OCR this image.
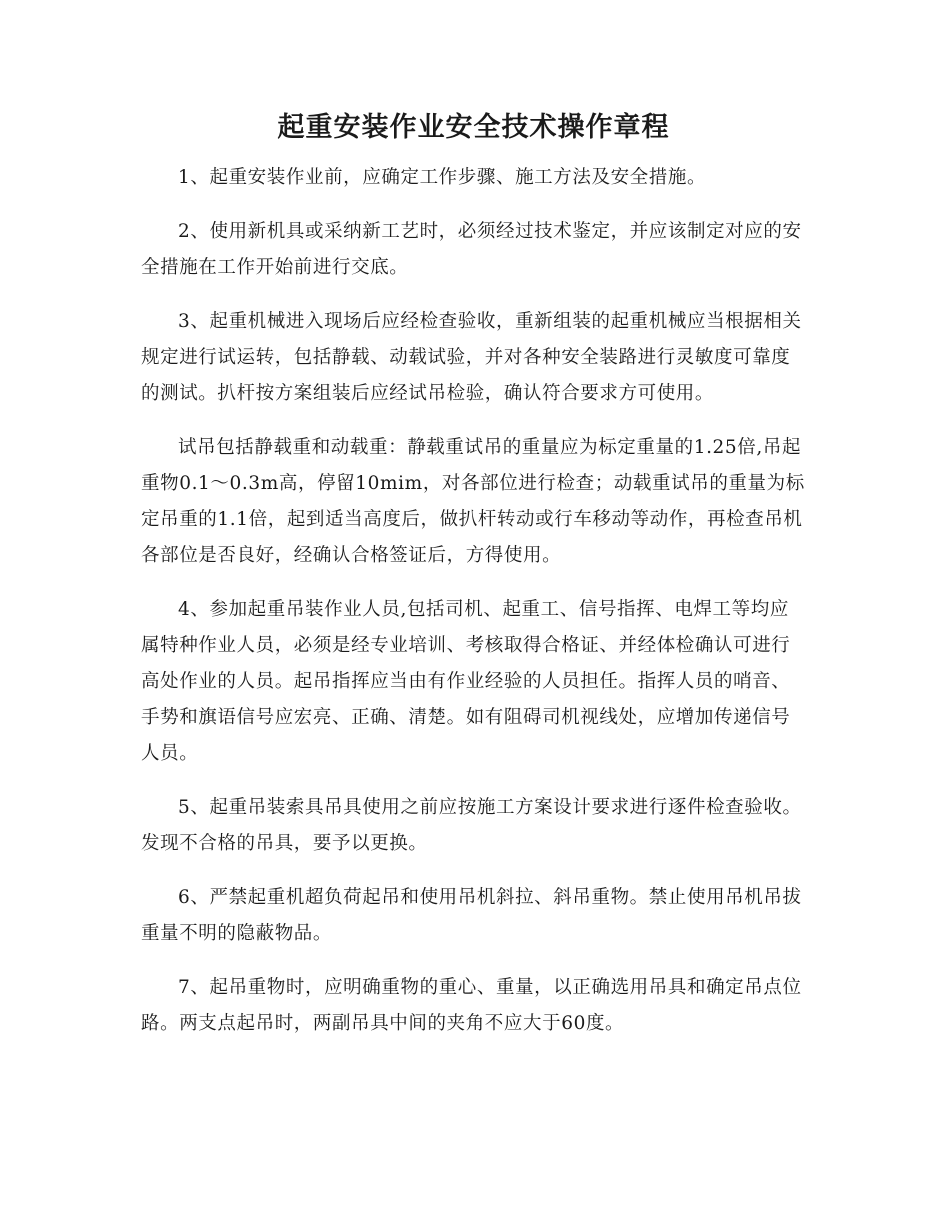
起重安装作业安全技术操作章程

1、起重安装作业前，应确定工作步骤、施工方法及安全措施。

2、使用新机具或采纳新工艺时，必须经过技术鉴定，并应该制定对应的安全措施在工作开始前进行交底。

3、起重机械进入现场后应经检查验收，重新组装的起重机械应当根据相关规定进行试运转，包括静载、动载试验，并对各种安全装路进行灵敏度可靠度的测试。扒杆按方案组装后应经试吊检验，确认符合要求方可使用。

试吊包括静载重和动载重：静载重试吊的重量应为标定重量的1.25倍,吊起重物0.1～0.3m高，停留10mim，对各部位进行检查；动载重试吊的重量为标定吊重的1.1倍，起到适当高度后，做扒杆转动或行车移动等动作，再检查吊机各部位是否良好，经确认合格签证后，方得使用。

4、参加起重吊装作业人员,包括司机、起重工、信号指挥、电焊工等均应属特种作业人员，必须是经专业培训、考核取得合格证、并经体检确认可进行高处作业的人员。起吊指挥应当由有作业经验的人员担任。指挥人员的哨音、手势和旗语信号应宏亮、正确、清楚。如有阻碍司机视线处，应增加传递信号人员。

5、起重吊装索具吊具使用之前应按施工方案设计要求进行逐件检查验收。发现不合格的吊具，要予以更换。

6、严禁起重机超负荷起吊和使用吊机斜拉、斜吊重物。禁止使用吊机吊拔重量不明的隐蔽物品。

7、起吊重物时，应明确重物的重心、重量，以正确选用吊具和确定吊点位路。两支点起吊时，两副吊具中间的夹角不应大于60度。
